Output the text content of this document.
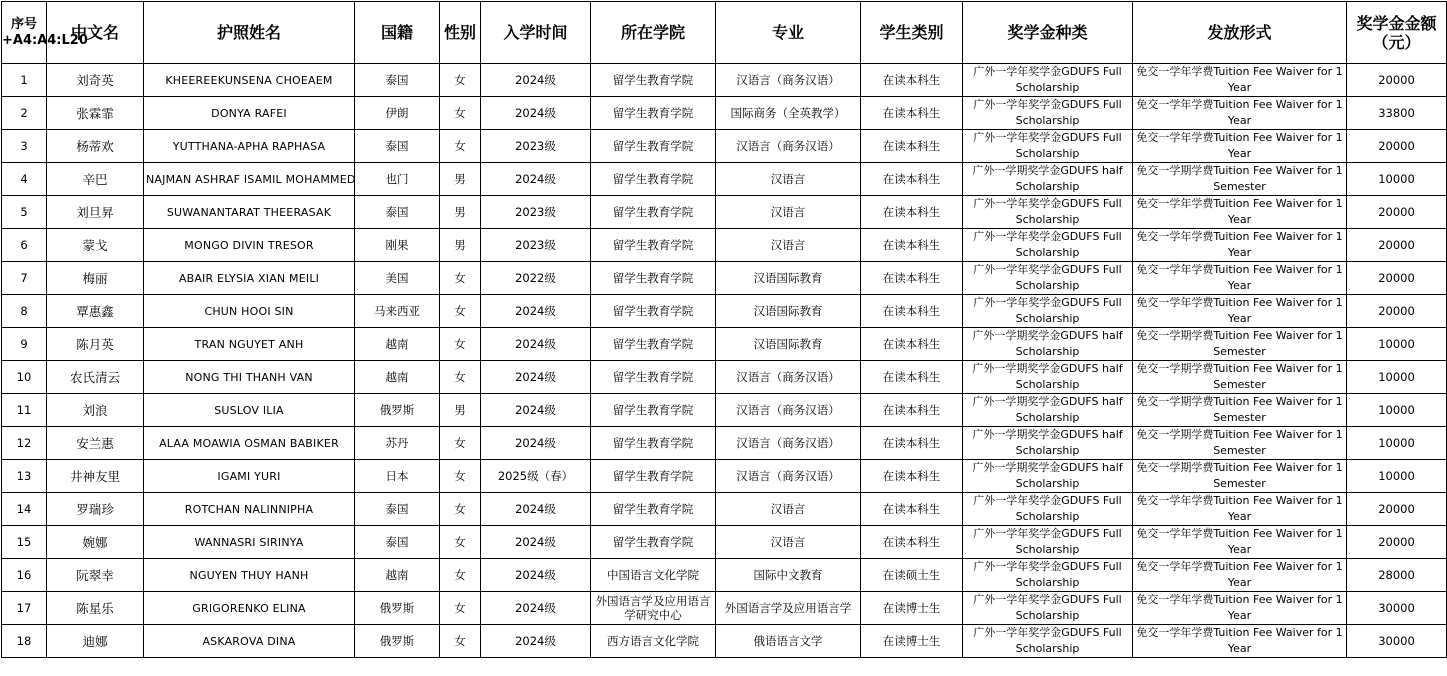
序号+A4:A4:L20	中文名	护照姓名	国籍	性别	入学时间	所在学院	专业	学生类别	奖学金种类	发放形式	奖学金金额（元）
1	刘奇英	KHEEREEKUNSENA CHOEAEM	泰国	女	2024级	留学生教育学院	汉语言（商务汉语）	在读本科生	广外一学年奖学金GDUFS Full Scholarship	免交一学年学费Tuition Fee Waiver for 1 Year	20000
2	张霖霏	DONYA RAFEI	伊朗	女	2024级	留学生教育学院	国际商务（全英教学）	在读本科生	广外一学年奖学金GDUFS Full Scholarship	免交一学年学费Tuition Fee Waiver for 1 Year	33800
3	杨蒂欢	YUTTHANA-APHA RAPHASA	泰国	女	2023级	留学生教育学院	汉语言（商务汉语）	在读本科生	广外一学年奖学金GDUFS Full Scholarship	免交一学年学费Tuition Fee Waiver for 1 Year	20000
4	辛巴	NAJMAN ASHRAF ISAMIL MOHAMMED	也门	男	2024级	留学生教育学院	汉语言	在读本科生	广外一学期奖学金GDUFS half Scholarship	免交一学期学费Tuition Fee Waiver for 1 Semester	10000
5	刘旦昇	SUWANANTARAT THEERASAK	泰国	男	2023级	留学生教育学院	汉语言	在读本科生	广外一学年奖学金GDUFS Full Scholarship	免交一学年学费Tuition Fee Waiver for 1 Year	20000
6	蒙戈	MONGO DIVIN TRESOR	刚果	男	2023级	留学生教育学院	汉语言	在读本科生	广外一学年奖学金GDUFS Full Scholarship	免交一学年学费Tuition Fee Waiver for 1 Year	20000
7	梅丽	ABAIR ELYSIA XIAN MEILI	美国	女	2022级	留学生教育学院	汉语国际教育	在读本科生	广外一学年奖学金GDUFS Full Scholarship	免交一学年学费Tuition Fee Waiver for 1 Year	20000
8	覃惠鑫	CHUN HOOI SIN	马来西亚	女	2024级	留学生教育学院	汉语国际教育	在读本科生	广外一学年奖学金GDUFS Full Scholarship	免交一学年学费Tuition Fee Waiver for 1 Year	20000
9	陈月英	TRAN NGUYET ANH	越南	女	2024级	留学生教育学院	汉语国际教育	在读本科生	广外一学期奖学金GDUFS half Scholarship	免交一学期学费Tuition Fee Waiver for 1 Semester	10000
10	农氏清云	NONG THI THANH VAN	越南	女	2024级	留学生教育学院	汉语言（商务汉语）	在读本科生	广外一学期奖学金GDUFS half Scholarship	免交一学期学费Tuition Fee Waiver for 1 Semester	10000
11	刘浪	SUSLOV ILIA	俄罗斯	男	2024级	留学生教育学院	汉语言（商务汉语）	在读本科生	广外一学期奖学金GDUFS half Scholarship	免交一学期学费Tuition Fee Waiver for 1 Semester	10000
12	安兰惠	ALAA MOAWIA OSMAN BABIKER	苏丹	女	2024级	留学生教育学院	汉语言（商务汉语）	在读本科生	广外一学期奖学金GDUFS half Scholarship	免交一学期学费Tuition Fee Waiver for 1 Semester	10000
13	井神友里	IGAMI YURI	日本	女	2025级（春）	留学生教育学院	汉语言（商务汉语）	在读本科生	广外一学期奖学金GDUFS half Scholarship	免交一学期学费Tuition Fee Waiver for 1 Semester	10000
14	罗瑞珍	ROTCHAN NALINNIPHA	泰国	女	2024级	留学生教育学院	汉语言	在读本科生	广外一学年奖学金GDUFS Full Scholarship	免交一学年学费Tuition Fee Waiver for 1 Year	20000
15	婉娜	WANNASRI SIRINYA	泰国	女	2024级	留学生教育学院	汉语言	在读本科生	广外一学年奖学金GDUFS Full Scholarship	免交一学年学费Tuition Fee Waiver for 1 Year	20000
16	阮翠幸	NGUYEN THUY HANH	越南	女	2024级	中国语言文化学院	国际中文教育	在读硕士生	广外一学年奖学金GDUFS Full Scholarship	免交一学年学费Tuition Fee Waiver for 1 Year	28000
17	陈星乐	GRIGORENKO ELINA	俄罗斯	女	2024级	外国语言学及应用语言学研究中心	外国语言学及应用语言学	在读博士生	广外一学年奖学金GDUFS Full Scholarship	免交一学年学费Tuition Fee Waiver for 1 Year	30000
18	迪娜	ASKAROVA DINA	俄罗斯	女	2024级	西方语言文化学院	俄语语言文学	在读博士生	广外一学年奖学金GDUFS Full Scholarship	免交一学年学费Tuition Fee Waiver for 1 Year	30000
